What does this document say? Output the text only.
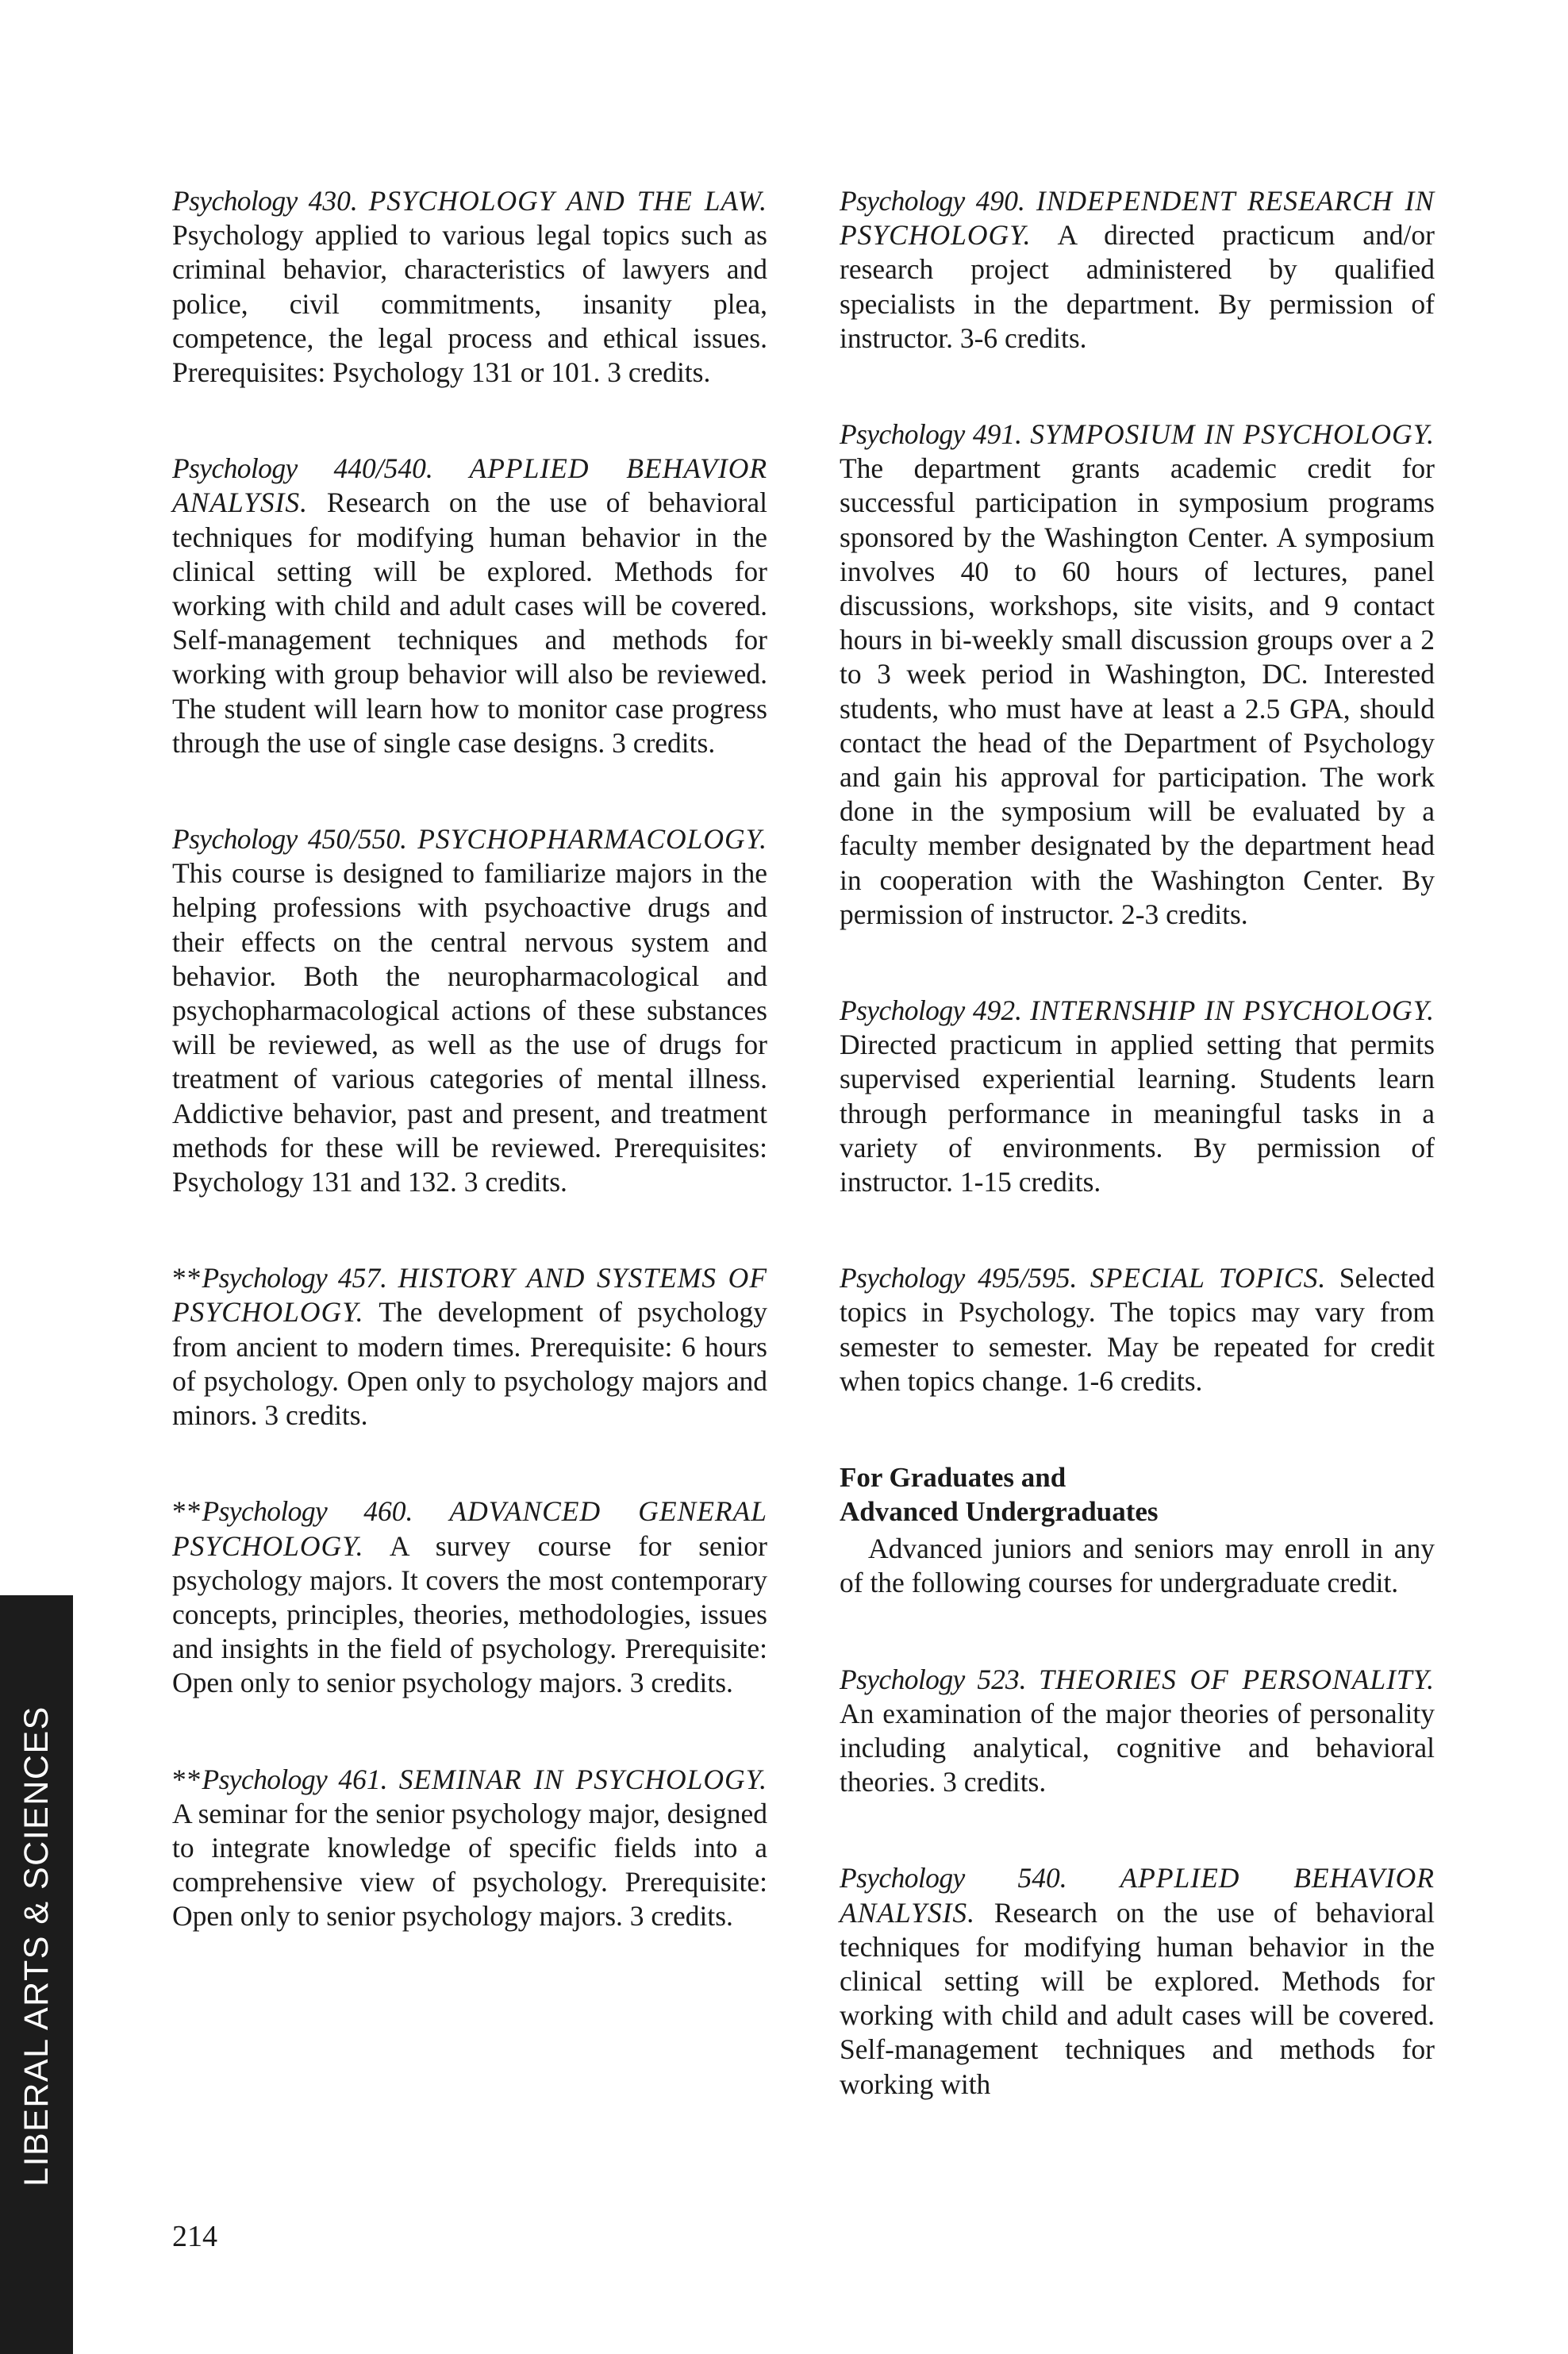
Psychology 430. PSYCHOLOGY AND THE LAW. Psychology applied to various legal topics such as criminal behavior, characteristics of lawyers and police, civil commitments, insanity plea, competence, the legal process and ethical issues. Prerequisites: Psychology 131 or 101. 3 credits.

Psychology 440/540. APPLIED BEHAVIOR ANALYSIS. Research on the use of behavioral techniques for modifying human behavior in the clinical setting will be explored. Methods for working with child and adult cases will be covered. Self-management techniques and methods for working with group behavior will also be reviewed. The student will learn how to monitor case progress through the use of single case designs. 3 credits.

Psychology 450/550. PSYCHOPHARMACOLOGY. This course is designed to familiarize majors in the helping professions with psychoactive drugs and their effects on the central nervous system and behavior. Both the neuropharmacological and psychopharmacological actions of these substances will be reviewed, as well as the use of drugs for treatment of various categories of mental illness. Addictive behavior, past and present, and treatment methods for these will be reviewed. Prerequisites: Psychology 131 and 132. 3 credits.

**Psychology 457. HISTORY AND SYSTEMS OF PSYCHOLOGY. The development of psychology from ancient to modern times. Prerequisite: 6 hours of psychology. Open only to psychology majors and minors. 3 credits.

**Psychology 460. ADVANCED GENERAL PSYCHOLOGY. A survey course for senior psychology majors. It covers the most contemporary concepts, principles, theories, methodologies, issues and insights in the field of psychology. Prerequisite: Open only to senior psychology majors. 3 credits.

**Psychology 461. SEMINAR IN PSYCHOLOGY. A seminar for the senior psychology major, designed to integrate knowledge of specific fields into a comprehensive view of psychology. Prerequisite: Open only to senior psychology majors. 3 credits.

Psychology 490. INDEPENDENT RESEARCH IN PSYCHOLOGY. A directed practicum and/or research project administered by qualified specialists in the department. By permission of instructor. 3-6 credits.

Psychology 491. SYMPOSIUM IN PSYCHOLOGY. The department grants academic credit for successful participation in symposium programs sponsored by the Washington Center. A symposium involves 40 to 60 hours of lectures, panel discussions, workshops, site visits, and 9 contact hours in bi-weekly small discussion groups over a 2 to 3 week period in Washington, DC. Interested students, who must have at least a 2.5 GPA, should contact the head of the Department of Psychology and gain his approval for participation. The work done in the symposium will be evaluated by a faculty member designated by the department head in cooperation with the Washington Center. By permission of instructor. 2-3 credits.

Psychology 492. INTERNSHIP IN PSYCHOLOGY. Directed practicum in applied setting that permits supervised experiential learning. Students learn through performance in meaningful tasks in a variety of environments. By permission of instructor. 1-15 credits.

Psychology 495/595. SPECIAL TOPICS. Selected topics in Psychology. The topics may vary from semester to semester. May be repeated for credit when topics change. 1-6 credits.

For Graduates and
Advanced Undergraduates

Advanced juniors and seniors may enroll in any of the following courses for undergraduate credit.

Psychology 523. THEORIES OF PERSONALITY. An examination of the major theories of personality including analytical, cognitive and behavioral theories. 3 credits.

Psychology 540. APPLIED BEHAVIOR ANALYSIS. Research on the use of behavioral techniques for modifying human behavior in the clinical setting will be explored. Methods for working with child and adult cases will be covered. Self-management techniques and methods for working with

LIBERAL ARTS & SCIENCES
214
